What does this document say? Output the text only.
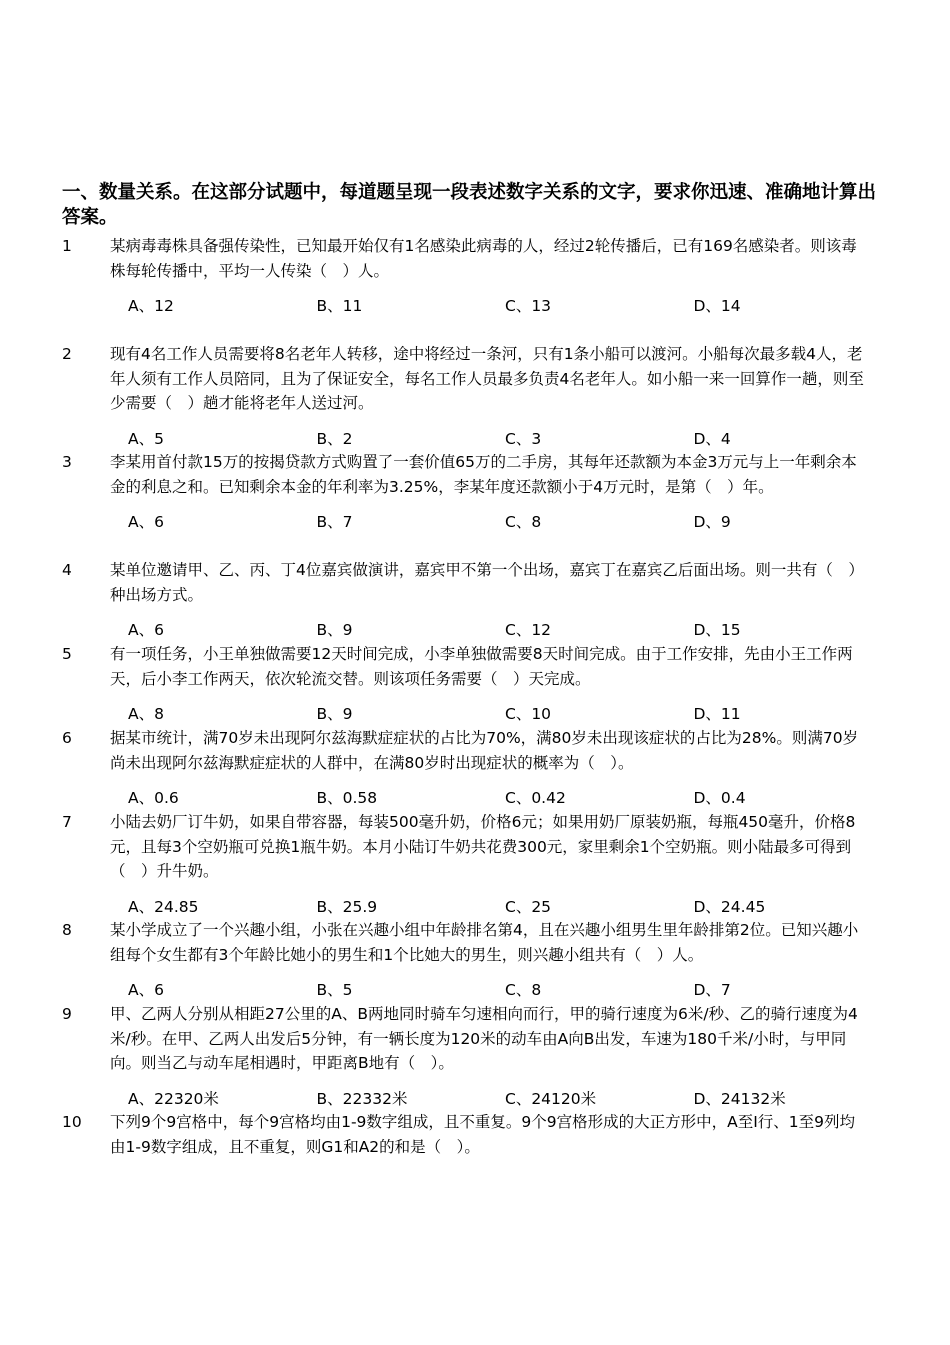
一、数量关系。在这部分试题中，每道题呈现一段表述数字关系的文字，要求你迅速、准确地计算出答案。
1	某病毒毒株具备强传染性，已知最开始仅有1名感染此病毒的人，经过2轮传播后，已有169名感染者。则该毒株每轮传播中，平均一人传染（　）人。
A、12	B、11	C、13	D、14
2	现有4名工作人员需要将8名老年人转移，途中将经过一条河，只有1条小船可以渡河。小船每次最多载4人，老年人须有工作人员陪同，且为了保证安全，每名工作人员最多负责4名老年人。如小船一来一回算作一趟，则至少需要（　）趟才能将老年人送过河。
A、5	B、2	C、3	D、4
3	李某用首付款15万的按揭贷款方式购置了一套价值65万的二手房，其每年还款额为本金3万元与上一年剩余本金的利息之和。已知剩余本金的年利率为3.25%，李某年度还款额小于4万元时，是第（　）年。
A、6	B、7	C、8	D、9
4	某单位邀请甲、乙、丙、丁4位嘉宾做演讲，嘉宾甲不第一个出场，嘉宾丁在嘉宾乙后面出场。则一共有（　）种出场方式。
A、6	B、9	C、12	D、15
5	有一项任务，小王单独做需要12天时间完成，小李单独做需要8天时间完成。由于工作安排，先由小王工作两天，后小李工作两天，依次轮流交替。则该项任务需要（　）天完成。
A、8	B、9	C、10	D、11
6	据某市统计，满70岁未出现阿尔兹海默症症状的占比为70%，满80岁未出现该症状的占比为28%。则满70岁尚未出现阿尔兹海默症症状的人群中，在满80岁时出现症状的概率为（　）。
A、0.6	B、0.58	C、0.42	D、0.4
7	小陆去奶厂订牛奶，如果自带容器，每装500毫升奶，价格6元；如果用奶厂原装奶瓶，每瓶450毫升，价格8元，且每3个空奶瓶可兑换1瓶牛奶。本月小陆订牛奶共花费300元，家里剩余1个空奶瓶。则小陆最多可得到（　）升牛奶。
A、24.85	B、25.9	C、25	D、24.45
8	某小学成立了一个兴趣小组，小张在兴趣小组中年龄排名第4，且在兴趣小组男生里年龄排第2位。已知兴趣小组每个女生都有3个年龄比她小的男生和1个比她大的男生，则兴趣小组共有（　）人。
A、6	B、5	C、8	D、7
9	甲、乙两人分别从相距27公里的A、B两地同时骑车匀速相向而行，甲的骑行速度为6米/秒、乙的骑行速度为4米/秒。在甲、乙两人出发后5分钟，有一辆长度为120米的动车由A向B出发，车速为180千米/小时，与甲同向。则当乙与动车尾相遇时，甲距离B地有（　）。
A、22320米	B、22332米	C、24120米	D、24132米
10	下列9个9宫格中，每个9宫格均由1-9数字组成，且不重复。9个9宫格形成的大正方形中，A至I行、1至9列均由1-9数字组成，且不重复，则G1和A2的和是（　）。
